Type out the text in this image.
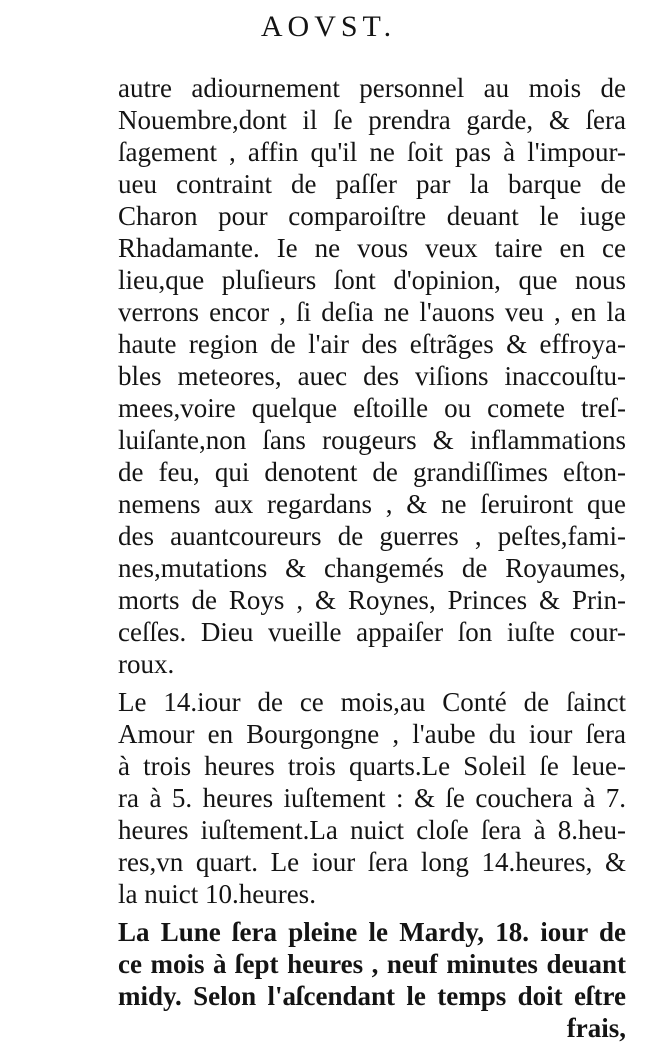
AOVST.
autre adiournement personnel au mois de
Nouembre,dont il ſe prendra garde, & ſera
ſagement , affin qu'il ne ſoit pas à l'impour-
ueu contraint de paſſer par la barque de
Charon pour comparoiſtre deuant le iuge
Rhadamante. Ie ne vous veux taire en ce
lieu,que pluſieurs ſont d'opinion, que nous
verrons encor , ſi deſia ne l'auons veu , en la
haute region de l'air des eſtrãges & effroya-
bles meteores, auec des viſions inaccouſtu-
mees,voire quelque eſtoille ou comete treſ-
luiſante,non ſans rougeurs & inflammations
de feu, qui denotent de grandiſſimes eſton-
nemens aux regardans , & ne ſeruiront que
des auantcoureurs de guerres , peſtes,fami-
nes,mutations & changemés de Royaumes,
morts de Roys , & Roynes, Princes & Prin-
ceſſes. Dieu vueille appaiſer ſon iuſte cour-
roux.
Le 14.iour de ce mois,au Conté de ſainct
Amour en Bourgongne , l'aube du iour ſera
à trois heures trois quarts.Le Soleil ſe leue-
ra à 5. heures iuſtement : & ſe couchera à 7.
heures iuſtement.La nuict cloſe ſera à 8.heu-
res,vn quart. Le iour ſera long 14.heures, &
la nuict 10.heures.
La Lune ſera pleine le Mardy, 18. iour de
ce mois à ſept heures , neuf minutes deuant
midy. Selon l'aſcendant le temps doit eſtre
frais,
